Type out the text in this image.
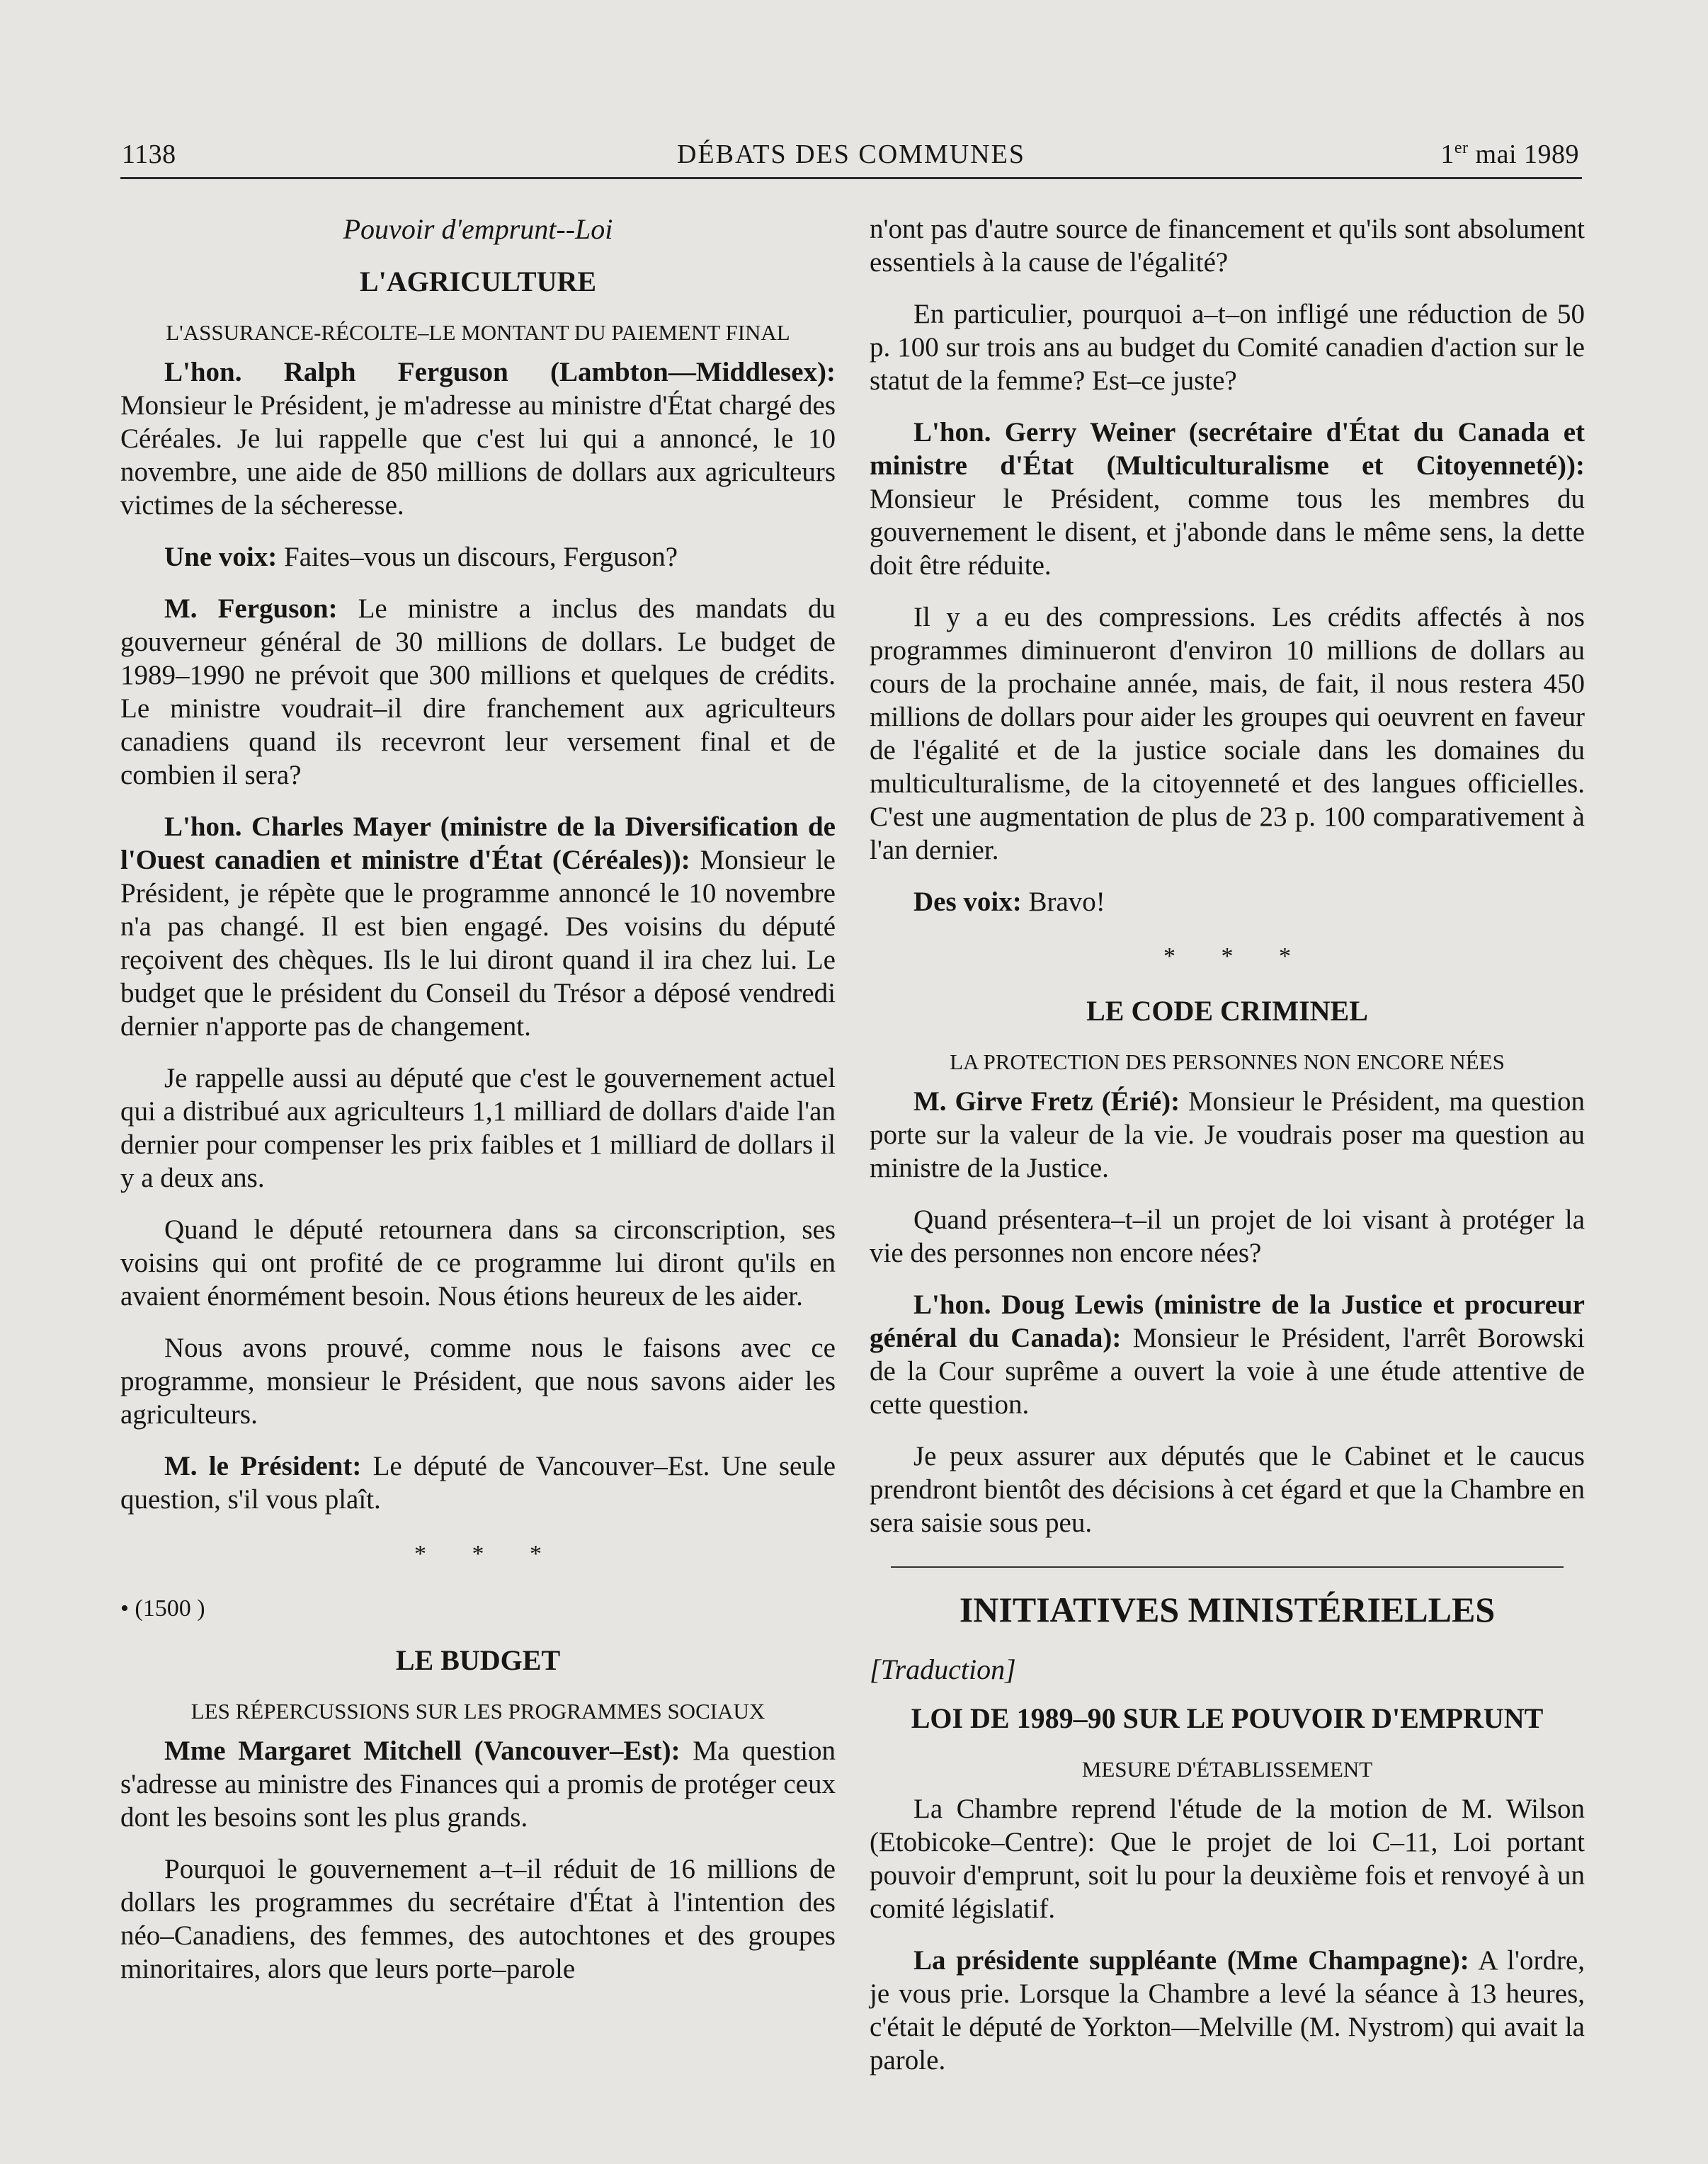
1138	DÉBATS DES COMMUNES	1er mai 1989
Pouvoir d'emprunt--Loi
L'AGRICULTURE
L'ASSURANCE-RÉCOLTE–LE MONTANT DU PAIEMENT FINAL

L'hon. Ralph Ferguson (Lambton—Middlesex): Monsieur le Président, je m'adresse au ministre d'État chargé des Céréales. Je lui rappelle que c'est lui qui a annoncé, le 10 novembre, une aide de 850 millions de dollars aux agriculteurs victimes de la sécheresse.

Une voix: Faites–vous un discours, Ferguson?

M. Ferguson: Le ministre a inclus des mandats du gouverneur général de 30 millions de dollars. Le budget de 1989–1990 ne prévoit que 300 millions et quelques de crédits. Le ministre voudrait–il dire franchement aux agriculteurs canadiens quand ils recevront leur versement final et de combien il sera?

L'hon. Charles Mayer (ministre de la Diversification de l'Ouest canadien et ministre d'État (Céréales)): Monsieur le Président, je répète que le programme annoncé le 10 novembre n'a pas changé. Il est bien engagé. Des voisins du député reçoivent des chèques. Ils le lui diront quand il ira chez lui. Le budget que le président du Conseil du Trésor a déposé vendredi dernier n'apporte pas de changement.

Je rappelle aussi au député que c'est le gouvernement actuel qui a distribué aux agriculteurs 1,1 milliard de dollars d'aide l'an dernier pour compenser les prix faibles et 1 milliard de dollars il y a deux ans.

Quand le député retournera dans sa circonscription, ses voisins qui ont profité de ce programme lui diront qu'ils en avaient énormément besoin. Nous étions heureux de les aider.

Nous avons prouvé, comme nous le faisons avec ce programme, monsieur le Président, que nous savons aider les agriculteurs.

M. le Président: Le député de Vancouver–Est. Une seule question, s'il vous plaît.

* * *
• (1500 )
LE BUDGET
LES RÉPERCUSSIONS SUR LES PROGRAMMES SOCIAUX

Mme Margaret Mitchell (Vancouver–Est): Ma question s'adresse au ministre des Finances qui a promis de protéger ceux dont les besoins sont les plus grands.

Pourquoi le gouvernement a–t–il réduit de 16 millions de dollars les programmes du secrétaire d'État à l'intention des néo–Canadiens, des femmes, des autochtones et des groupes minoritaires, alors que leurs porte–parole

n'ont pas d'autre source de financement et qu'ils sont absolument essentiels à la cause de l'égalité?

En particulier, pourquoi a–t–on infligé une réduction de 50 p. 100 sur trois ans au budget du Comité canadien d'action sur le statut de la femme? Est–ce juste?

L'hon. Gerry Weiner (secrétaire d'État du Canada et ministre d'État (Multiculturalisme et Citoyenneté)): Monsieur le Président, comme tous les membres du gouvernement le disent, et j'abonde dans le même sens, la dette doit être réduite.

Il y a eu des compressions. Les crédits affectés à nos programmes diminueront d'environ 10 millions de dollars au cours de la prochaine année, mais, de fait, il nous restera 450 millions de dollars pour aider les groupes qui oeuvrent en faveur de l'égalité et de la justice sociale dans les domaines du multiculturalisme, de la citoyenneté et des langues officielles. C'est une augmentation de plus de 23 p. 100 comparativement à l'an dernier.

Des voix: Bravo!

* * *
LE CODE CRIMINEL
LA PROTECTION DES PERSONNES NON ENCORE NÉES

M. Girve Fretz (Érié): Monsieur le Président, ma question porte sur la valeur de la vie. Je voudrais poser ma question au ministre de la Justice.

Quand présentera–t–il un projet de loi visant à protéger la vie des personnes non encore nées?

L'hon. Doug Lewis (ministre de la Justice et procureur général du Canada): Monsieur le Président, l'arrêt Borowski de la Cour suprême a ouvert la voie à une étude attentive de cette question.

Je peux assurer aux députés que le Cabinet et le caucus prendront bientôt des décisions à cet égard et que la Chambre en sera saisie sous peu.

INITIATIVES MINISTÉRIELLES
[Traduction]
LOI DE 1989–90 SUR LE POUVOIR D'EMPRUNT
MESURE D'ÉTABLISSEMENT

La Chambre reprend l'étude de la motion de M. Wilson (Etobicoke–Centre): Que le projet de loi C–11, Loi portant pouvoir d'emprunt, soit lu pour la deuxième fois et renvoyé à un comité législatif.

La présidente suppléante (Mme Champagne): A l'ordre, je vous prie. Lorsque la Chambre a levé la séance à 13 heures, c'était le député de Yorkton—Melville (M. Nystrom) qui avait la parole.
